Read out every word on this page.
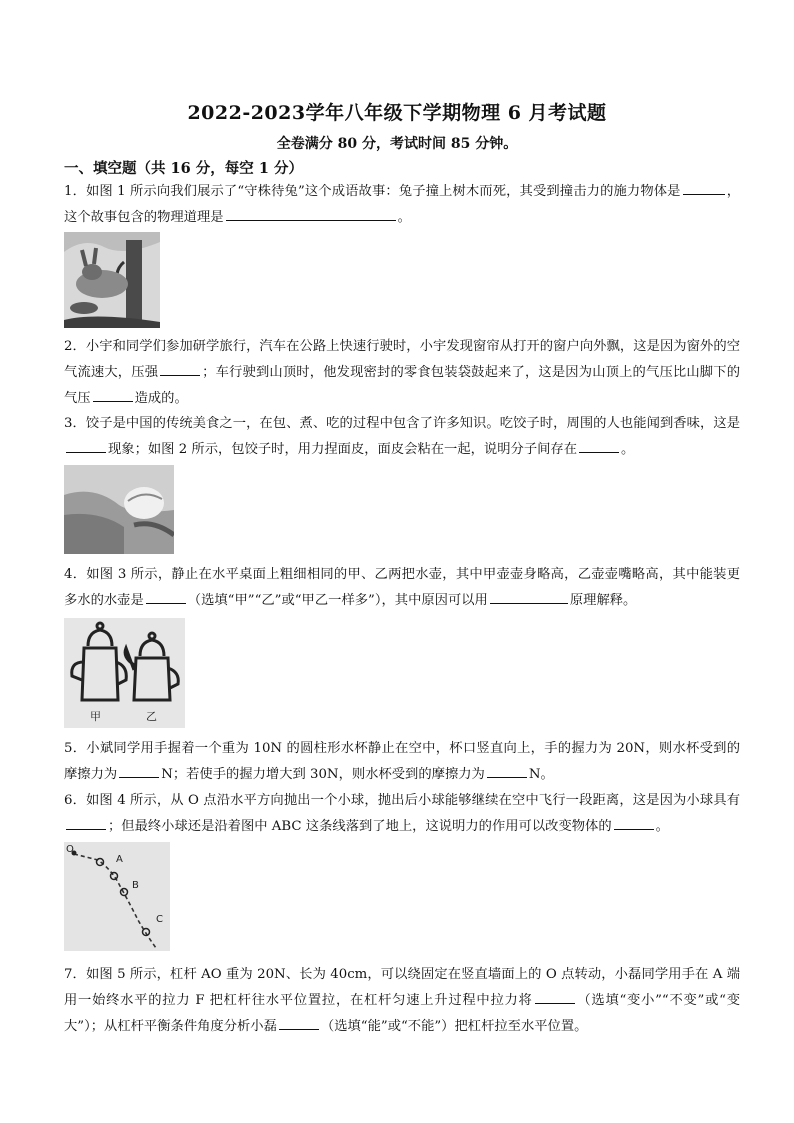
2022-2023学年八年级下学期物理 6 月考试题
全卷满分 80 分，考试时间 85 分钟。
一、填空题（共 16 分，每空 1 分）
1．如图 1 所示向我们展示了“守株待兔”这个成语故事：兔子撞上树木而死，其受到撞击力的施力物体是	，这个故事包含的物理道理是	。
2．小宇和同学们参加研学旅行，汽车在公路上快速行驶时，小宇发现窗帘从打开的窗户向外飘，这是因为窗外的空气流速大，压强	；车行驶到山顶时，他发现密封的零食包装袋鼓起来了，这是因为山顶上的气压比山脚下的气压	造成的。
3．饺子是中国的传统美食之一，在包、煮、吃的过程中包含了许多知识。吃饺子时，周围的人也能闻到香味，这是现象；如图 2 所示，包饺子时，用力捏面皮，面皮会粘在一起，说明分子间存在	。
4．如图 3 所示，静止在水平桌面上粗细相同的甲、乙两把水壶，其中甲壶壶身略高，乙壶壶嘴略高，其中能装更多水的水壶是	（选填“甲”“乙”或“甲乙一样多”），其中原因可以用	原理解释。
甲	乙
5．小斌同学用手握着一个重为 10N 的圆柱形水杯静止在空中，杯口竖直向上，手的握力为 20N，则水杯受到的摩擦力为	N；若使手的握力增大到 30N，则水杯受到的摩擦力为	N。
6．如图 4 所示，从 O 点沿水平方向抛出一个小球，抛出后小球能够继续在空中飞行一段距离，这是因为小球具有；但最终小球还是沿着图中 ABC 这条线落到了地上，这说明力的作用可以改变物体的	。
O
A
B
C
7．如图 5 所示，杠杆 AO 重为 20N、长为 40cm，可以绕固定在竖直墙面上的 O 点转动，小磊同学用手在 A 端用一始终水平的拉力 F 把杠杆往水平位置拉，在杠杆匀速上升过程中拉力将	（选填“变小”“不变”或“变大”）；从杠杆平衡条件角度分析小磊	（选填“能”或“不能”）把杠杆拉至水平位置。
